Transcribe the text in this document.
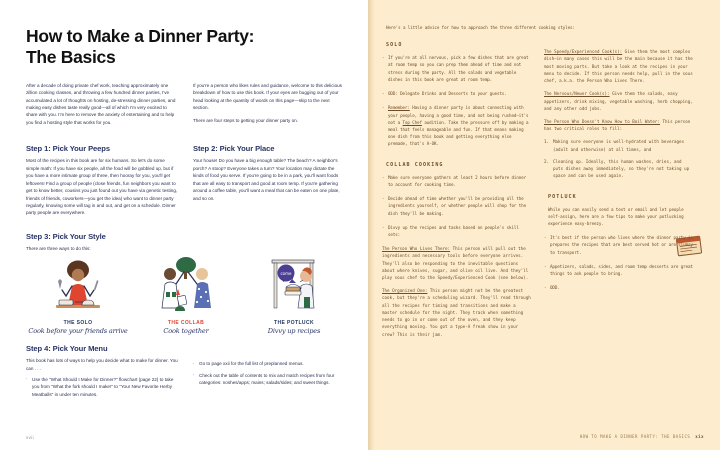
How to Make a Dinner Party:
The Basics

After a decade of doing private chef work, teaching approximately one zillion cooking classes, and throwing a few hundred dinner parties, I've accumulated a lot of thoughts on hosting, de-stressing dinner parties, and making easy dishes taste really good—all of which I'm very excited to share with you. I'm here to remove the anxiety of entertaining and to help you find a hosting style that works for you.

If you're a person who likes rules and guidance, welcome to this delicious breakdown of how to use this book. If your eyes are bugging out of your head looking at the quantity of words on this page—skip to the next section.

There are four steps to getting your dinner party on.

Step 1: Pick Your Peeps

Most of the recipes in this book are for six humans. So let's do some simple math: If you have six people, all the food will be gobbled up, but if you have a more intimate group of three, then hooray for you, you'll get leftovers! Find a group of people (close friends, fun neighbors you want to get to know better, cousins you just found out you have via genetic testing, friends of friends, coworkers—you get the idea) who want to dinner party regularly, knowing some will tag in and out, and get on a schedule. Dinner party people are everywhere.

Step 2: Pick Your Place

Your house! Do you have a big enough table? The beach? A neighbor's porch? A stoop? Everyone takes a turn? Your location may dictate the kinds of food you serve. If you're going to be in a park, you'll want foods that are all easy to transport and good at room temp. If you're gathering around a coffee table, you'll want a meal that can be eaten on one plate, and so on.

Step 3: Pick Your Style

There are three ways to do this:

THE SOLO
Cook before your friends arrive
THE COLLAB
Cook together
come
THE POTLUCK
Divvy up recipes
Step 4: Pick Your Menu

This book has lots of ways to help you decide what to make for dinner. You can . . .

· Use the "What Should I Make for Dinner?" flowchart (page 22) to take you from "What the fork should I make!" to "Your New Favorite Herby Meatballs" in under ten minutes.
· Go to page xxii for the full list of preplanned menus.
· Check out the table of contents to mix and match recipes from four categories: noshes/apps; mains; salads/sides; and sweet things.
xvii

Here's a little advice for how to approach the three different cooking styles:

SOLO
- If you're at all nervous, pick a few dishes that are great at room temp so you can prep them ahead of time and not stress during the party. All the salads and vegetable dishes in this book are great at room temp.
- ODD: Delegate Drinks and Desserts to your guests.
- Remember: Having a dinner party is about connecting with your people, having a good time, and not being rushed—it's not a Top Chef audition. Take the pressure off by making a meal that feels manageable and fun. If that means making one dish from this book and getting everything else premade, that's A-OK.
COLLAB COOKING
- Make sure everyone gathers at least 2 hours before dinner to account for cooking time.
- Decide ahead of time whether you'll be providing all the ingredients yourself, or whether people will shop for the dish they'll be making.
- Divvy up the recipes and tasks based on people's skill sets:
The Person Who Lives There: This person will pull out the ingredients and necessary tools before everyone arrives. They'll also be responding to the inevitable questions about where knives, sugar, and olive oil live. And they'll play sous chef to the Speedy/Experienced Cook (see below).
The Organized One: This person might not be the greatest cook, but they're a scheduling wizard. They'll read through all the recipes for timing and transitions and make a master schedule for the night. They track when something needs to go in or come out of the oven, and they keep everything moving. You got a type-A freak show in your crew? This is their jam.
The Speedy/Experienced Cook(s): Give them the most complex dish—in many cases this will be the main because it has the most moving parts. But take a look at the recipes in your menu to decide. If this person needs help, pull in the sous chef, a.k.a. the Person Who Lives There.
The Nervous/Newer Cook(s): Give them the salads, easy appetizers, drink mixing, vegetable washing, herb chopping, and any other odd jobs.
The Person Who Doesn't Know How to Boil Water: This person has two critical roles to fill:
1. Making sure everyone is well-hydrated with beverages (adult and otherwise) at all times, and
2. Cleaning up. Ideally, this human washes, dries, and puts dishes away immediately, so they're not taking up space and can be used again.
POTLUCK

While you can easily send a text or email and let people self-assign, here are a few tips to make your potlucking experience easy-breezy.

- It's best if the person who lives where the dinner party is prepares the recipes that are best served hot or are clumsy to transport.
- Appetizers, salads, sides, and room temp desserts are great things to ask people to bring.
- ODD.
HOW TO MAKE A DINNER PARTY: THE BASICS xix
